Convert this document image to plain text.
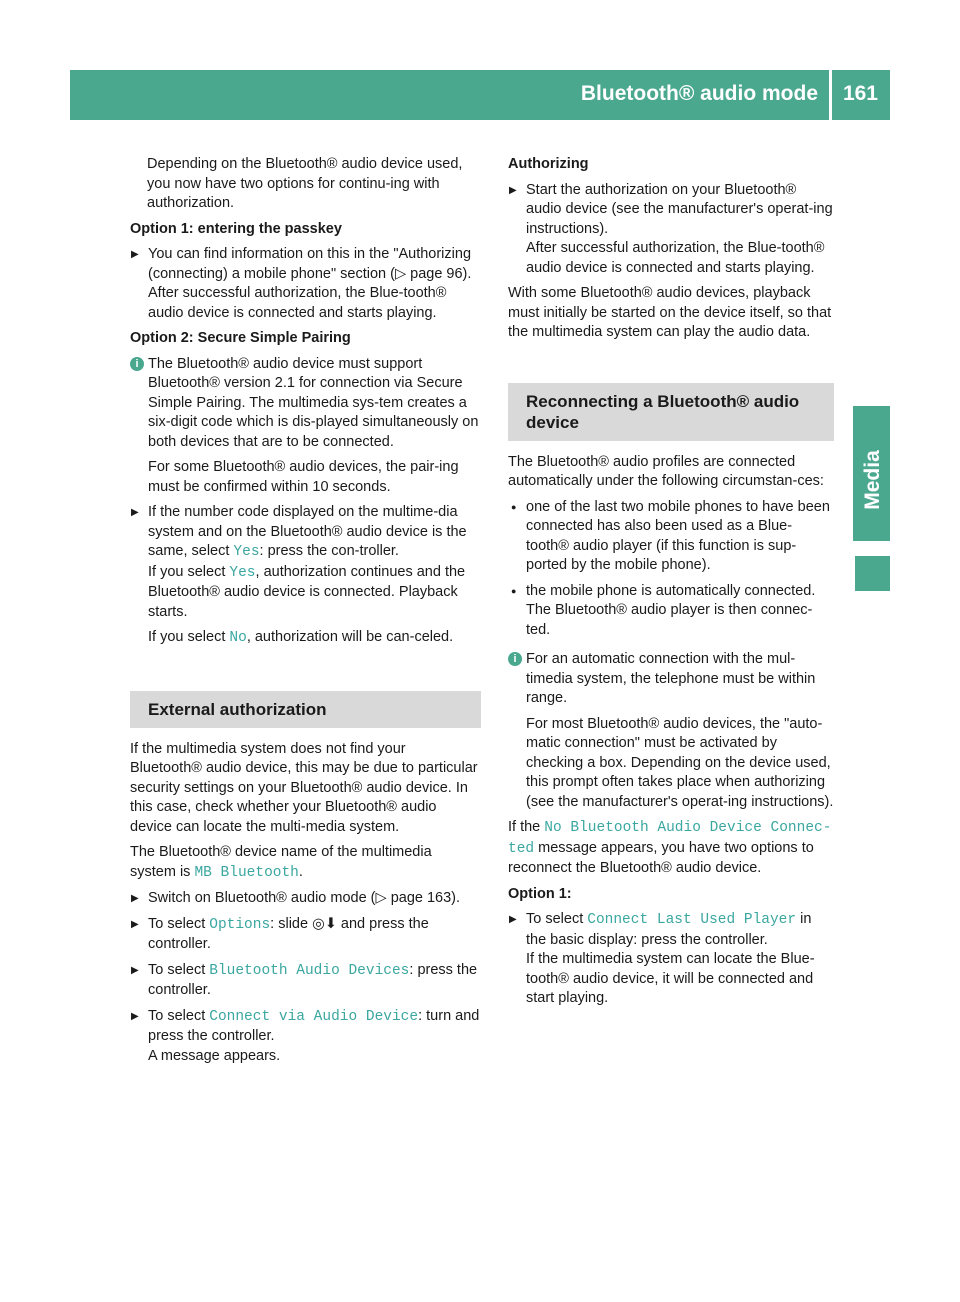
Bluetooth® audio mode 161
Media

Depending on the Bluetooth® audio device used, you now have two options for continu-ing with authorization.

Option 1: entering the passkey

▶ You can find information on this in the "Authorizing (connecting) a mobile phone" section (▷ page 96).
After successful authorization, the Blue-tooth® audio device is connected and starts playing.

Option 2: Secure Simple Pairing

i The Bluetooth® audio device must support Bluetooth® version 2.1 for connection via Secure Simple Pairing. The multimedia sys-tem creates a six-digit code which is dis-played simultaneously on both devices that are to be connected.

For some Bluetooth® audio devices, the pair-ing must be confirmed within 10 seconds.

▶ If the number code displayed on the multime-dia system and on the Bluetooth® audio device is the same, select Yes: press the con-troller.
If you select Yes, authorization continues and the Bluetooth® audio device is connected. Playback starts.

If you select No, authorization will be can-celed.

External authorization

If the multimedia system does not find your Bluetooth® audio device, this may be due to particular security settings on your Bluetooth® audio device. In this case, check whether your Bluetooth® audio device can locate the multi-media system.

The Bluetooth® device name of the multimedia system is MB Bluetooth.

▶ Switch on Bluetooth® audio mode (▷ page 163).
▶ To select Options: slide ◎⬇ and press the controller.
▶ To select Bluetooth Audio Devices: press the controller.
▶ To select Connect via Audio Device: turn and press the controller.
A message appears.

Authorizing

▶ Start the authorization on your Bluetooth® audio device (see the manufacturer's operat-ing instructions).
After successful authorization, the Blue-tooth® audio device is connected and starts playing.

With some Bluetooth® audio devices, playback must initially be started on the device itself, so that the multimedia system can play the audio data.

Reconnecting a Bluetooth® audio device

The Bluetooth® audio profiles are connected automatically under the following circumstan-ces:

● one of the last two mobile phones to have been connected has also been used as a Blue-tooth® audio player (if this function is sup-ported by the mobile phone).
● the mobile phone is automatically connected. The Bluetooth® audio player is then connec-ted.
i For an automatic connection with the mul-timedia system, the telephone must be within range.

For most Bluetooth® audio devices, the "auto-matic connection" must be activated by checking a box. Depending on the device used, this prompt often takes place when authorizing (see the manufacturer's operat-ing instructions).

If the No Bluetooth Audio Device Connec-ted message appears, you have two options to reconnect the Bluetooth® audio device.

Option 1:

▶ To select Connect Last Used Player in the basic display: press the controller.
If the multimedia system can locate the Blue-tooth® audio device, it will be connected and start playing.
